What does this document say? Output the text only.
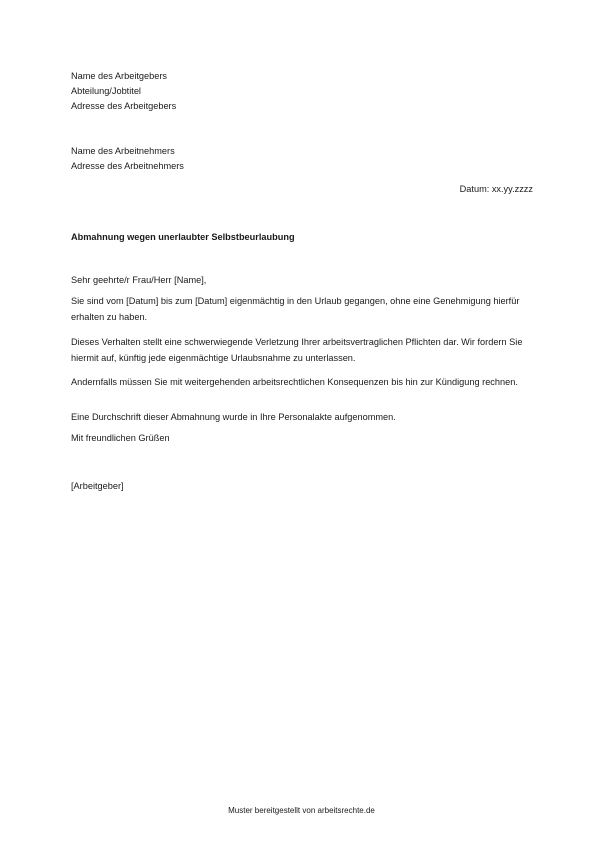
Name des Arbeitgebers
Abteilung/Jobtitel
Adresse des Arbeitgebers
Name des Arbeitnehmers
Adresse des Arbeitnehmers
Datum: xx.yy.zzzz
Abmahnung wegen unerlaubter Selbstbeurlaubung
Sehr geehrte/r Frau/Herr [Name],
Sie sind vom [Datum] bis zum [Datum] eigenmächtig in den Urlaub gegangen, ohne eine Genehmigung hierfür erhalten zu haben.
Dieses Verhalten stellt eine schwerwiegende Verletzung Ihrer arbeitsvertraglichen Pflichten dar. Wir fordern Sie hiermit auf, künftig jede eigenmächtige Urlaubsnahme zu unterlassen.
Andernfalls müssen Sie mit weitergehenden arbeitsrechtlichen Konsequenzen bis hin zur Kündigung rechnen.
Eine Durchschrift dieser Abmahnung wurde in Ihre Personalakte aufgenommen.
Mit freundlichen Grüßen
[Arbeitgeber]
Muster bereitgestellt von arbeitsrechte.de
